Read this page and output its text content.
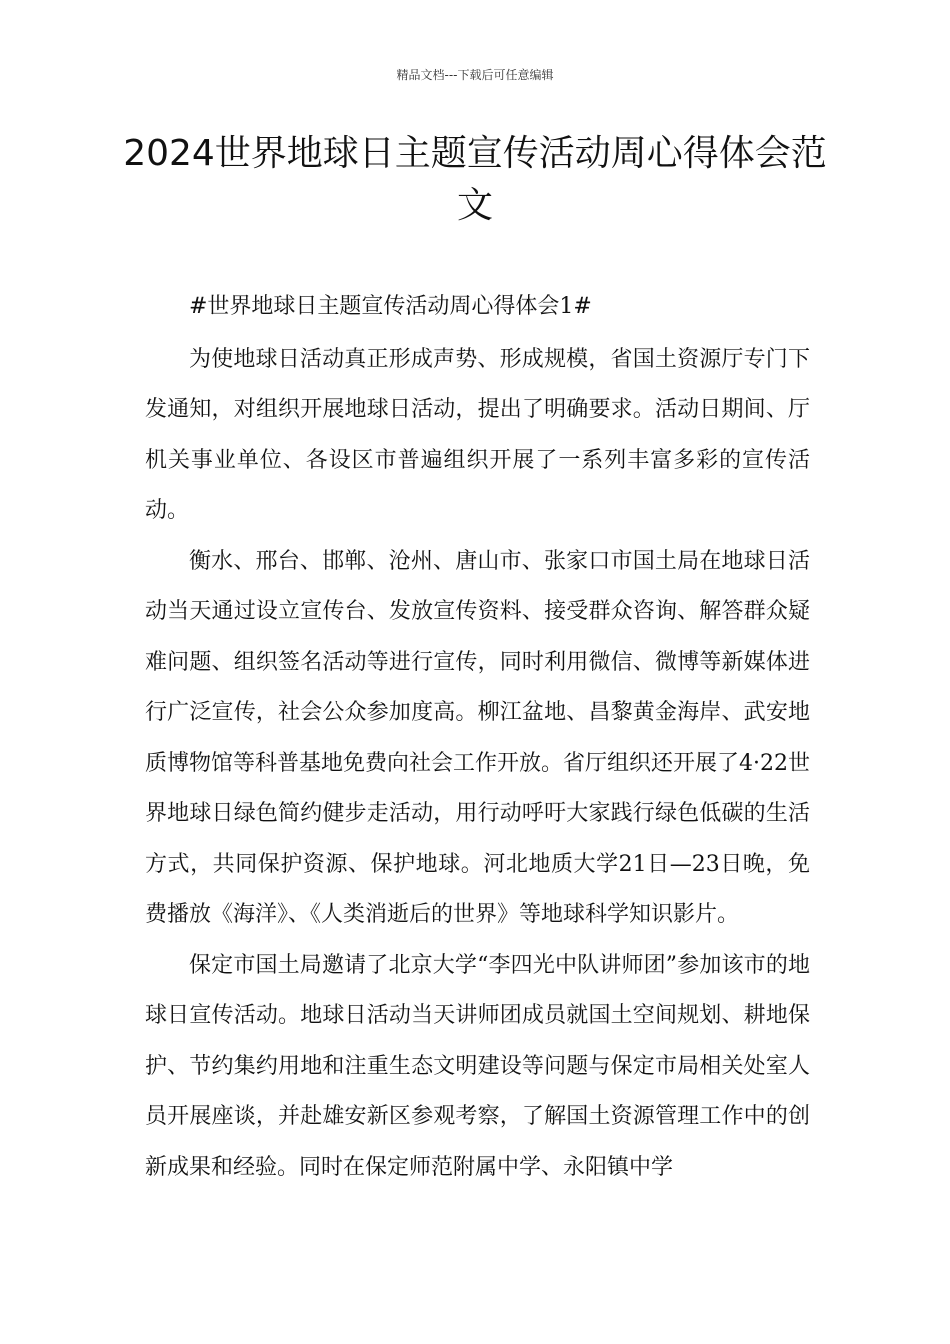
精品文档---下载后可任意编辑
2024世界地球日主题宣传活动周心得体会范文

#世界地球日主题宣传活动周心得体会1#

为使地球日活动真正形成声势、形成规模，省国土资源厅专门下发通知，对组织开展地球日活动，提出了明确要求。活动日期间、厅机关事业单位、各设区市普遍组织开展了一系列丰富多彩的宣传活动。

衡水、邢台、邯郸、沧州、唐山市、张家口市国土局在地球日活动当天通过设立宣传台、发放宣传资料、接受群众咨询、解答群众疑难问题、组织签名活动等进行宣传，同时利用微信、微博等新媒体进行广泛宣传，社会公众参加度高。柳江盆地、昌黎黄金海岸、武安地质博物馆等科普基地免费向社会工作开放。省厅组织还开展了4·22世界地球日绿色简约健步走活动，用行动呼吁大家践行绿色低碳的生活方式，共同保护资源、保护地球。河北地质大学21日—23日晚，免费播放《海洋》、《人类消逝后的世界》等地球科学知识影片。

保定市国土局邀请了北京大学“李四光中队讲师团”参加该市的地球日宣传活动。地球日活动当天讲师团成员就国土空间规划、耕地保护、节约集约用地和注重生态文明建设等问题与保定市局相关处室人员开展座谈，并赴雄安新区参观考察，了解国土资源管理工作中的创新成果和经验。同时在保定师范附属中学、永阳镇中学
